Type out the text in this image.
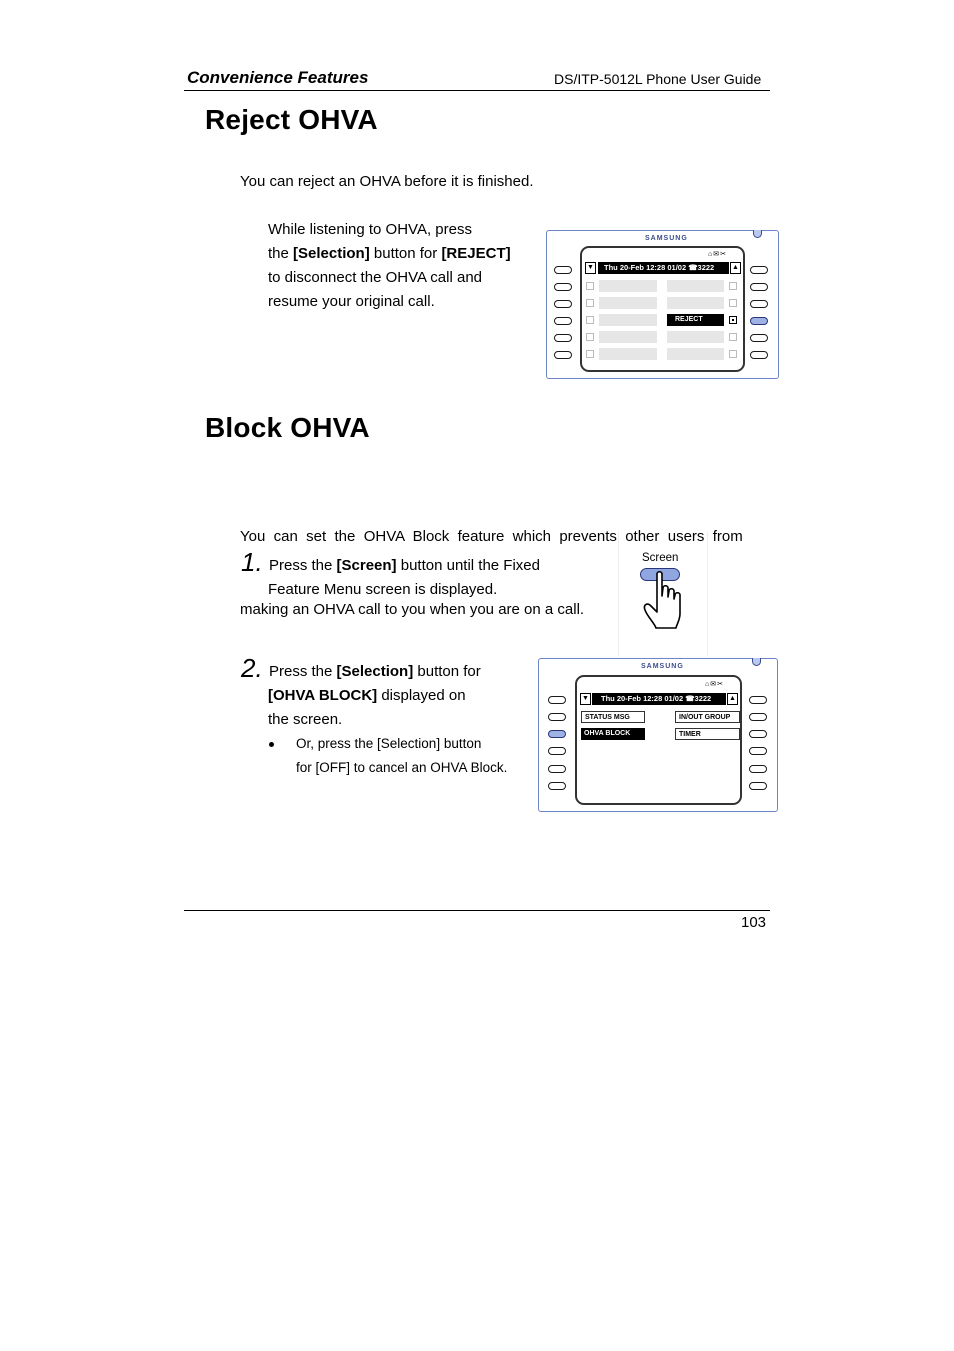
Convenience Features	DS/ITP-5012L Phone User Guide
Reject OHVA
You can reject an OHVA before it is finished.
While listening to OHVA, press
the [Selection] button for [REJECT]
to disconnect the OHVA call and
resume your original call.
SAMSUNG
⌂✉✂
▼	Thu 20-Feb 12:28 01/02 ☎3222	▲
REJECT
Block OHVA

You  can  set  the  OHVA  Block  feature  which  prevents  other  users  from

making an OHVA call to you when you are on a call.

1. Press the [Screen] button until the Fixed
Feature Menu screen is displayed.
Screen
2. Press the [Selection] button for
[OHVA BLOCK] displayed on
the screen.
Or, press the [Selection] button
for [OFF] to cancel an OHVA Block.
SAMSUNG
⌂✉✂
▼	Thu 20-Feb 12:28 01/02 ☎3222	▲
STATUS MSG	IN/OUT GROUP
OHVA BLOCK	TIMER
103
